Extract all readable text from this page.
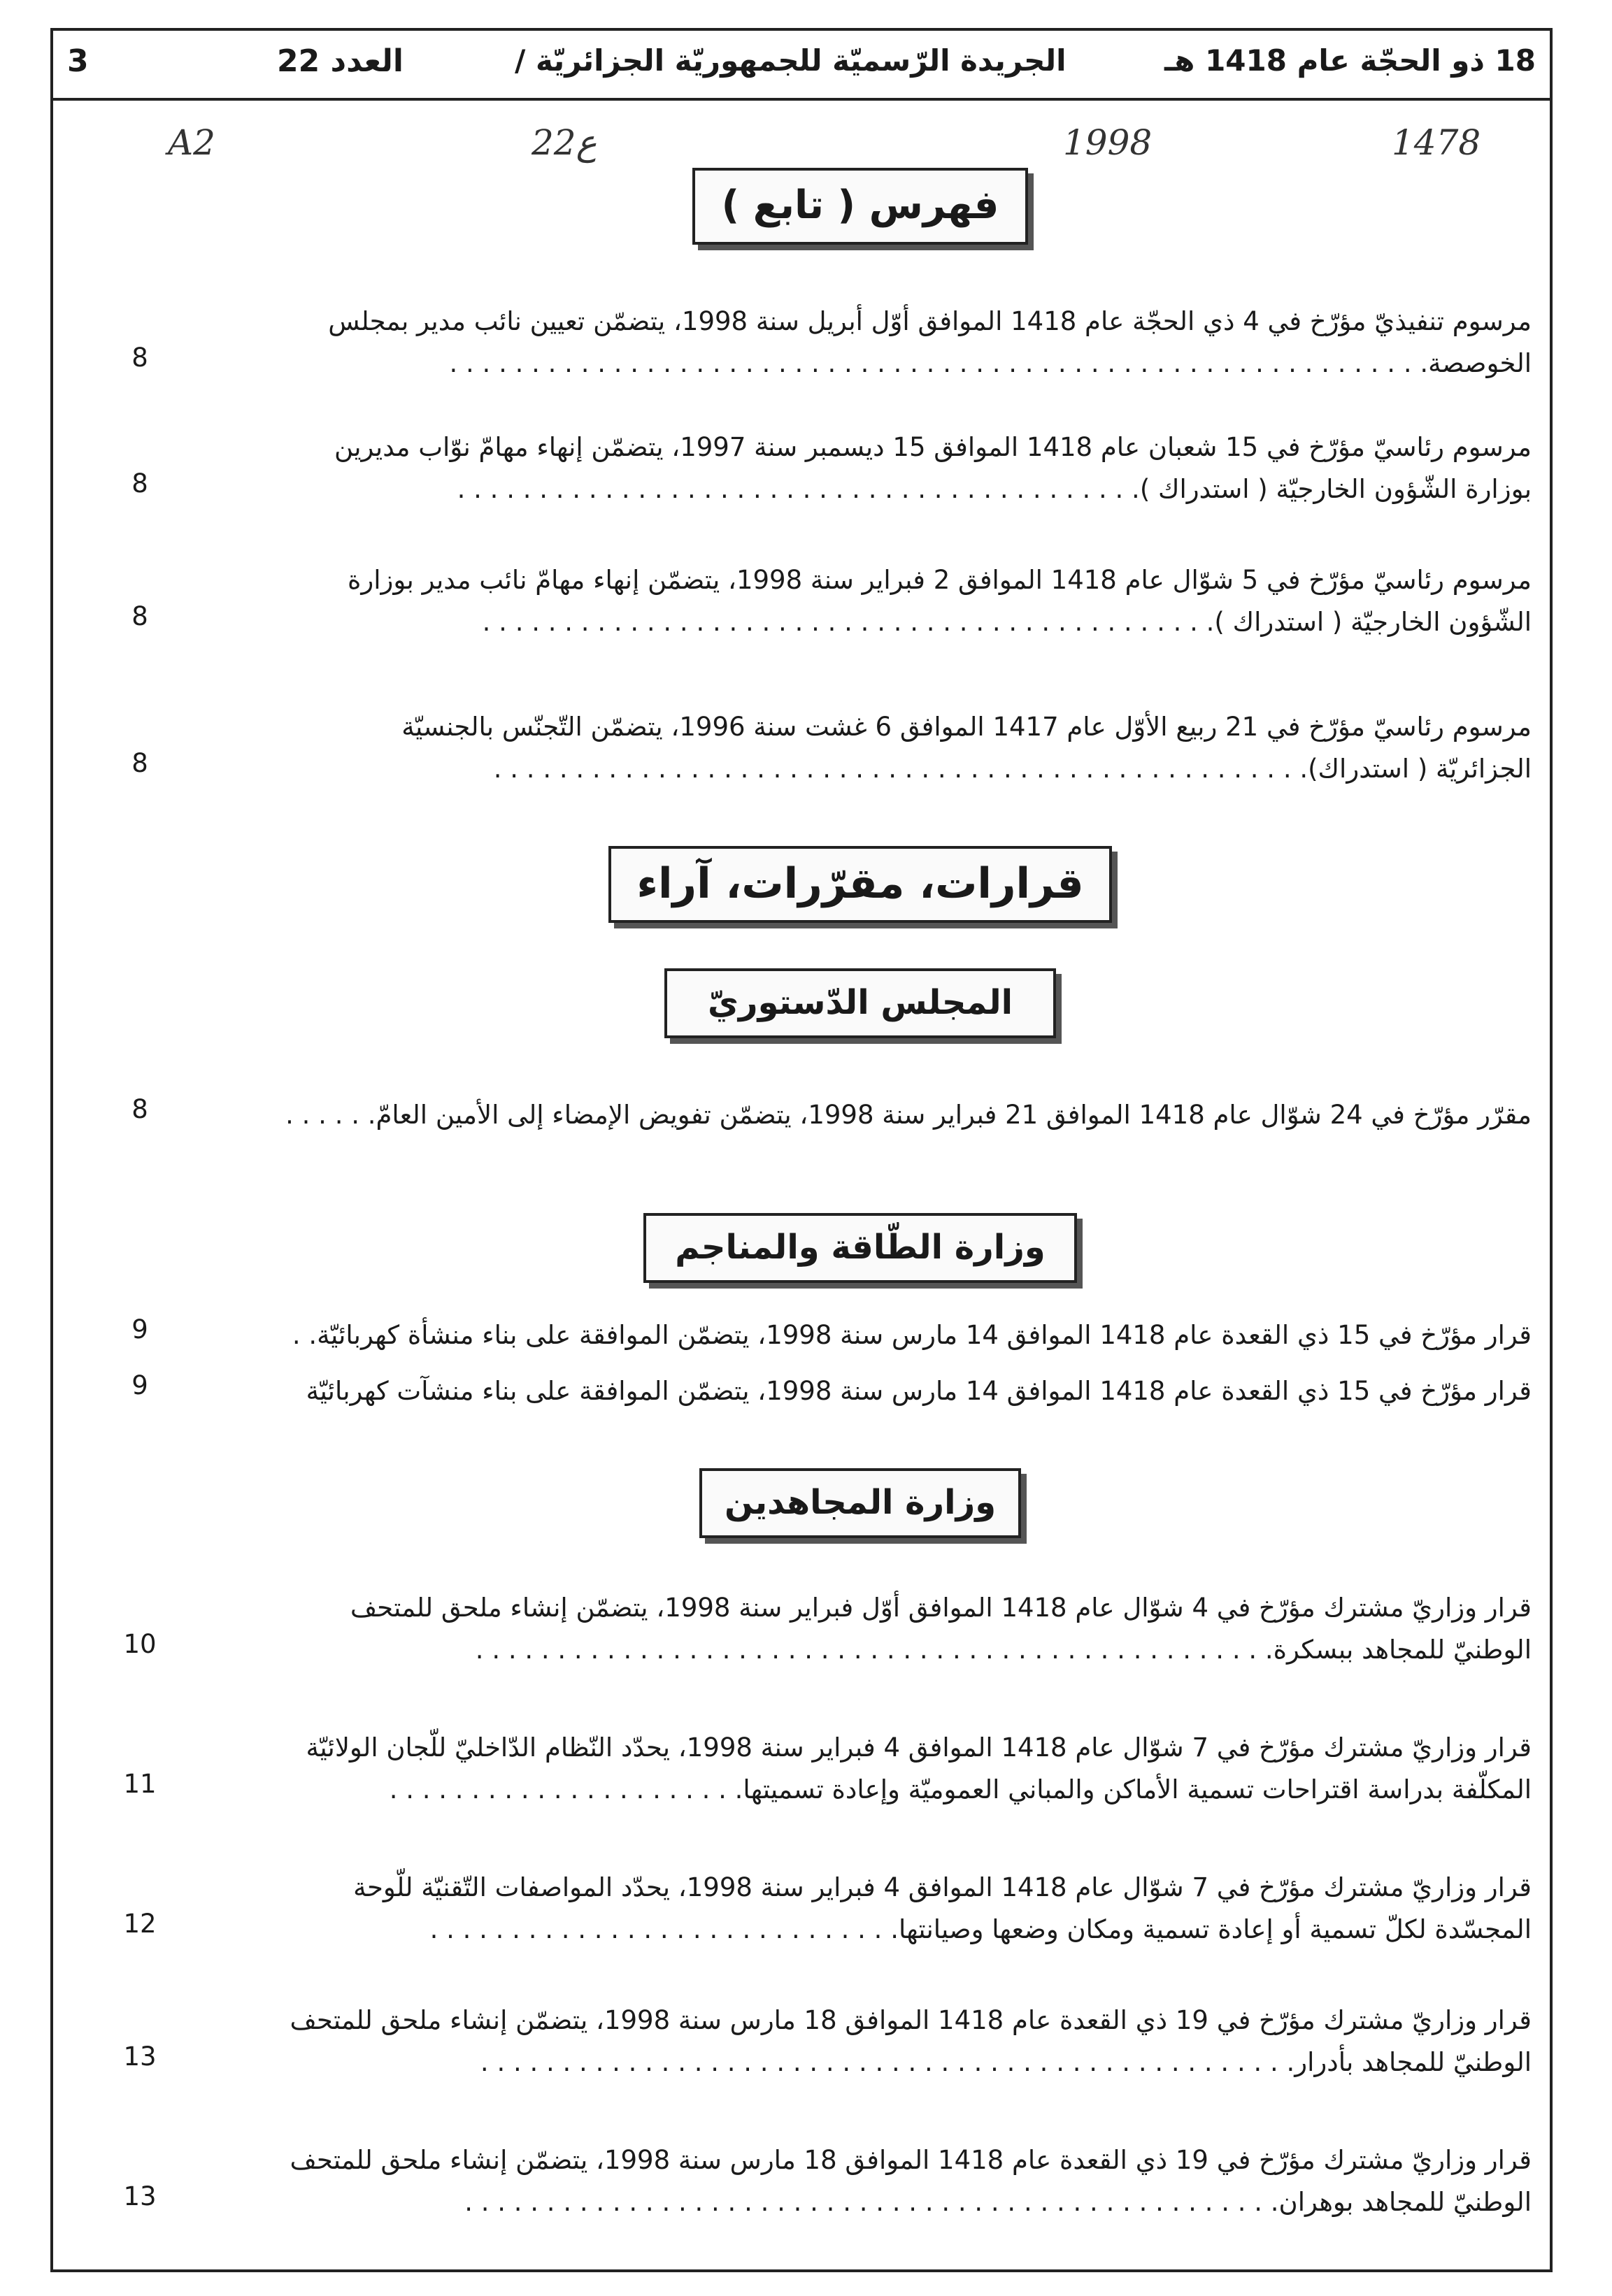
3	العدد 22	الجريدة الرّسميّة للجمهوريّة الجزائريّة /	18 ذو الحجّة عام 1418 هـ
A2	22ع	1998	1478
فهرس ( تابع )
مرسوم تنفيذيّ مؤرّخ في 4 ذي الحجّة عام 1418 الموافق أوّل أبريل سنة 1998، يتضمّن تعيين نائب مدير بمجلس
الخوصصة. . . . . . . . . . . . . . . . . . . . . . . . . . . . . . . . . . . . . . . . . . . . . . . . . . . . . . . . . . . .
8
مرسوم رئاسيّ مؤرّخ في 15 شعبان عام 1418 الموافق 15 ديسمبر سنة 1997، يتضمّن إنهاء مهامّ نوّاب مديرين
بوزارة الشّؤون الخارجيّة ( استدراك ). . . . . . . . . . . . . . . . . . . . . . . . . . . . . . . . . . . . . . . . . .
8
مرسوم رئاسيّ مؤرّخ في 5 شوّال عام 1418 الموافق 2 فبراير سنة 1998، يتضمّن إنهاء مهامّ نائب مدير بوزارة
الشّؤون الخارجيّة ( استدراك ). . . . . . . . . . . . . . . . . . . . . . . . . . . . . . . . . . . . . . . . . . . . .
8
مرسوم رئاسيّ مؤرّخ في 21 ربيع الأوّل عام 1417 الموافق 6 غشت سنة 1996، يتضمّن التّجنّس بالجنسيّة
الجزائريّة ( استدراك). . . . . . . . . . . . . . . . . . . . . . . . . . . . . . . . . . . . . . . . . . . . . . . . . .
8
قرارات، مقرّرات، آراء
المجلس الدّستوريّ
مقرّر مؤرّخ في 24 شوّال عام 1418 الموافق 21 فبراير سنة 1998، يتضمّن تفويض الإمضاء إلى الأمين العامّ. . . . . .
8
وزارة الطّاقة والمناجم
قرار مؤرّخ في 15 ذي القعدة عام 1418 الموافق 14 مارس سنة 1998، يتضمّن الموافقة على بناء منشأة كهربائيّة. .
9
قرار مؤرّخ في 15 ذي القعدة عام 1418 الموافق 14 مارس سنة 1998، يتضمّن الموافقة على بناء منشآت كهربائيّة
9
وزارة المجاهدين
قرار وزاريّ مشترك مؤرّخ في 4 شوّال عام 1418 الموافق أوّل فبراير سنة 1998، يتضمّن إنشاء ملحق للمتحف
الوطنيّ للمجاهد ببسكرة. . . . . . . . . . . . . . . . . . . . . . . . . . . . . . . . . . . . . . . . . . . . . . . . .
10
قرار وزاريّ مشترك مؤرّخ في 7 شوّال عام 1418 الموافق 4 فبراير سنة 1998، يحدّد النّظام الدّاخليّ للّجان الولائيّة
المكلّفة بدراسة اقتراحات تسمية الأماكن والمباني العموميّة وإعادة تسميتها. . . . . . . . . . . . . . . . . . . . . .
11
قرار وزاريّ مشترك مؤرّخ في 7 شوّال عام 1418 الموافق 4 فبراير سنة 1998، يحدّد المواصفات التّقنيّة للّوحة
المجسّدة لكلّ تسمية أو إعادة تسمية ومكان وضعها وصيانتها. . . . . . . . . . . . . . . . . . . . . . . . . . . . .
12
قرار وزاريّ مشترك مؤرّخ في 19 ذي القعدة عام 1418 الموافق 18 مارس سنة 1998، يتضمّن إنشاء ملحق للمتحف
الوطنيّ للمجاهد بأدرار. . . . . . . . . . . . . . . . . . . . . . . . . . . . . . . . . . . . . . . . . . . . . . . . . .
13
قرار وزاريّ مشترك مؤرّخ في 19 ذي القعدة عام 1418 الموافق 18 مارس سنة 1998، يتضمّن إنشاء ملحق للمتحف
الوطنيّ للمجاهد بوهران. . . . . . . . . . . . . . . . . . . . . . . . . . . . . . . . . . . . . . . . . . . . . . . . . .
13
